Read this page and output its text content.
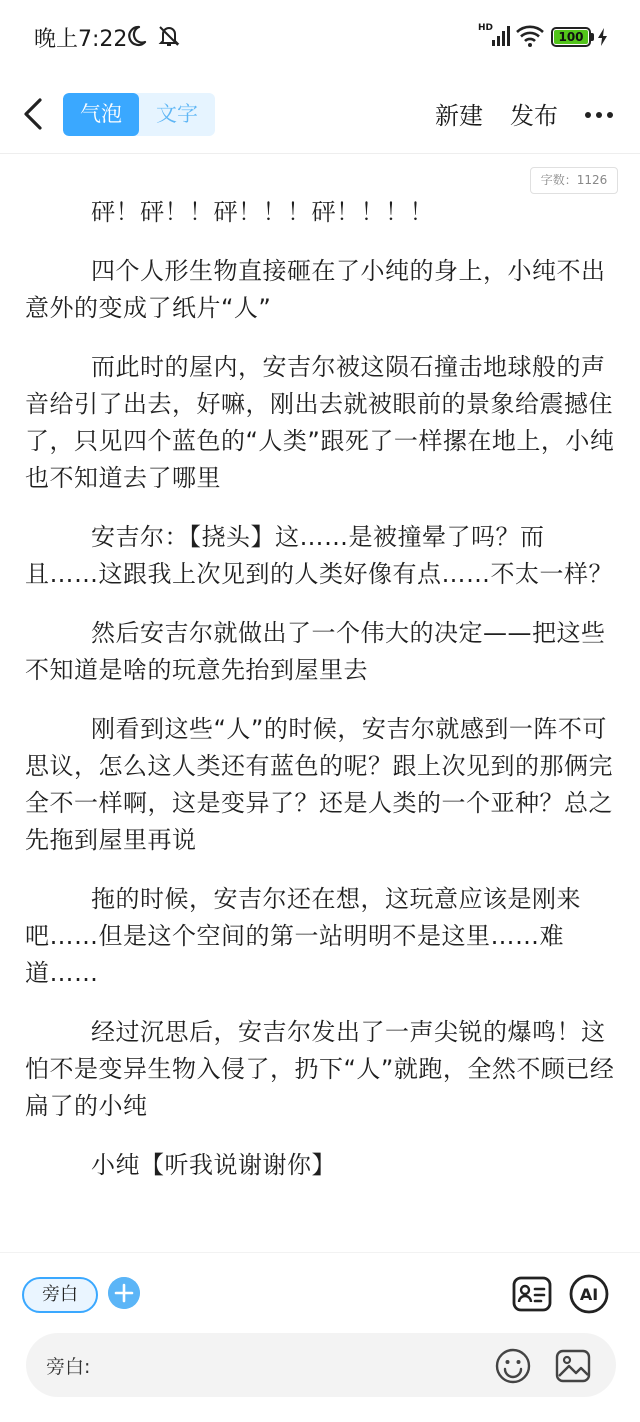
晚上7:22	HD
100
气泡	文字	新建 发布
字数：1126

砰！砰！！砰！！！砰！！！！

四个人形生物直接砸在了小纯的身上，小纯不出意外的变成了纸片“人”

而此时的屋内，安吉尔被这陨石撞击地球般的声音给引了出去，好嘛，刚出去就被眼前的景象给震撼住了，只见四个蓝色的“人类”跟死了一样摞在地上，小纯也不知道去了哪里

安吉尔：【挠头】这……是被撞晕了吗？而且……这跟我上次见到的人类好像有点……不太一样？

然后安吉尔就做出了一个伟大的决定——把这些不知道是啥的玩意先抬到屋里去

刚看到这些“人”的时候，安吉尔就感到一阵不可思议，怎么这人类还有蓝色的呢？跟上次见到的那俩完全不一样啊，这是变异了？还是人类的一个亚种？总之先拖到屋里再说

拖的时候，安吉尔还在想，这玩意应该是刚来吧……但是这个空间的第一站明明不是这里……难道……

经过沉思后，安吉尔发出了一声尖锐的爆鸣！这怕不是变异生物入侵了，扔下“人”就跑，全然不顾已经扁了的小纯

小纯【听我说谢谢你】

旁白	AI
旁白:
